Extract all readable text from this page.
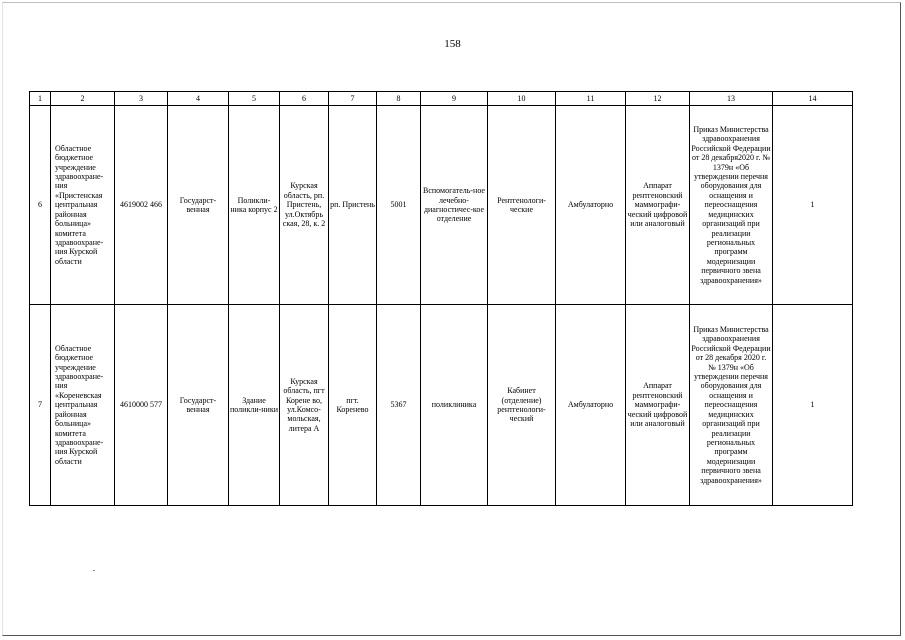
158
1	2	3	4	5	6	7	8	9	10	11	12	13	14
6	Областное бюджетное учреждение здравоохране-ния «Пристенская центральная районная больница» комитета здравоохране-ния Курской области	4619002 466	Государст-венная	Поликли-ника корпус 2	Курская область, рп. Пристень, ул.Октябрь ская, 28, к. 2	рп. Пристень	5001	Вспомогатель-ное лечебно-диагностичес-кое отделение	Рентгенологи-ческие	Амбулаторно	Аппарат рентгеновский маммографи-ческий цифровой или аналоговый	Приказ Министерства здравоохранения Российской Федерации от 28 декабря2020 г. № 1379н «Об утверждении перечня оборудования для оснащения и переоснащения медицинских организаций при реализации региональных программ модернизации первичного звена здравоохранения»	1
7	Областное бюджетное учреждение здравоохране-ния «Кореневская центральная районная больница» комитета здравоохране-ния Курской области	4610000 577	Государст-венная	Здание поликли-ники	Курская область, пгт Корене во, ул.Комсо-мольская, литера А	пгт. Коренево	5367	поликлиника	Кабинет (отделение) рентгенологи-ческий	Амбулаторно	Аппарат рентгеновский маммографи-ческий цифровой или аналоговый	Приказ Министерства здравоохранения Российской Федерации от 28 декабря 2020 г. № 1379н «Об утверждении перечня оборудования для оснащения и переоснащения медицинских организаций при реализации региональных программ модернизации первичного звена здравоохранения»	1
